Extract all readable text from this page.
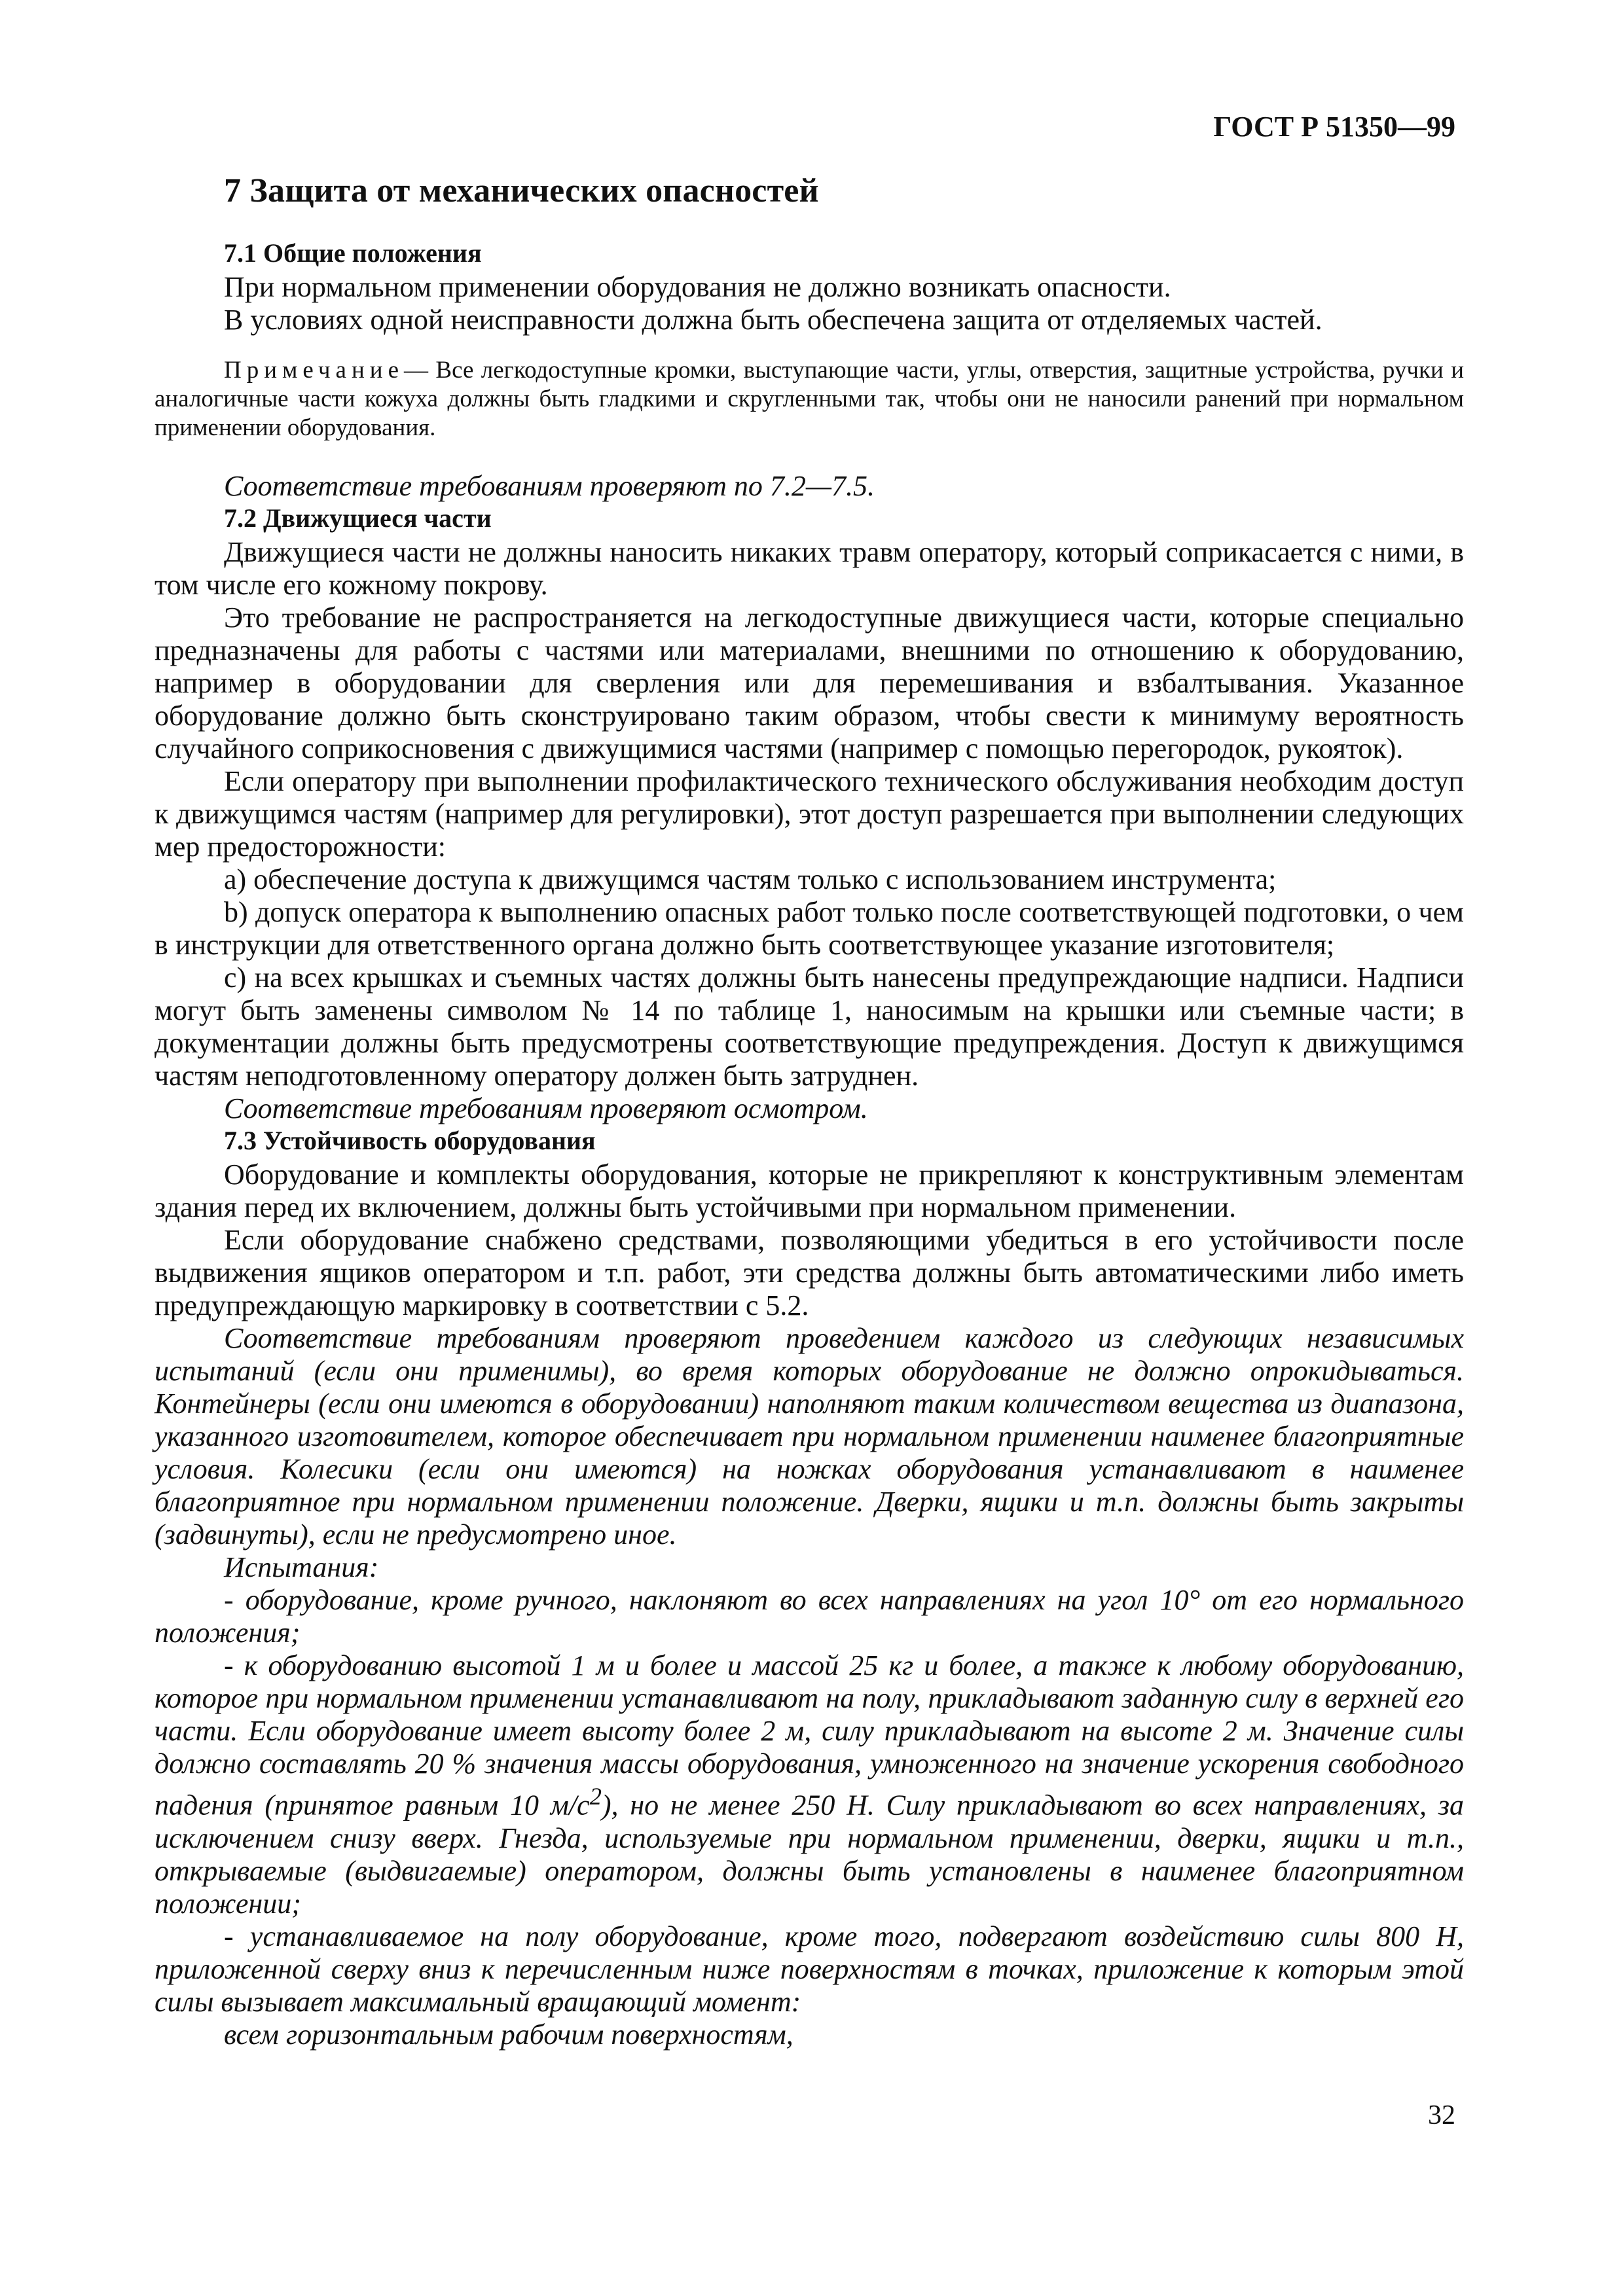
ГОСТ Р 51350—99
7 Защита от механических опасностей
7.1 Общие положения

При нормальном применении оборудования не должно возникать опасности.

В условиях одной неисправности должна быть обеспечена защита от отделяемых частей.

Примечание— Все легкодоступные кромки, выступающие части, углы, отверстия, защитные устройства, ручки и аналогичные части кожуха должны быть гладкими и скругленными так, чтобы они не наносили ранений при нормальном применении оборудования.

Соответствие требованиям проверяют по 7.2—7.5.

7.2 Движущиеся части

Движущиеся части не должны наносить никаких травм оператору, который соприкасается с ними, в том числе его кожному покрову.

Это требование не распространяется на легкодоступные движущиеся части, которые специально предназначены для работы с частями или материалами, внешними по отношению к оборудованию, например в оборудовании для сверления или для перемешивания и взбалтывания. Указанное оборудование должно быть сконструировано таким образом, чтобы свести к минимуму вероятность случайного соприкосновения с движущимися частями (например с помощью перегородок, рукояток).

Если оператору при выполнении профилактического технического обслуживания необходим доступ к движущимся частям (например для регулировки), этот доступ разрешается при выполнении следующих мер предосторожности:

a) обеспечение доступа к движущимся частям только с использованием инструмента;

b) допуск оператора к выполнению опасных работ только после соответствующей подготовки, о чем в инструкции для ответственного органа должно быть соответствующее указание изготовителя;

c) на всех крышках и съемных частях должны быть нанесены предупреждающие надписи. Надписи могут быть заменены символом № 14 по таблице 1, наносимым на крышки или съемные части; в документации должны быть предусмотрены соответствующие предупреждения. Доступ к движущимся частям неподготовленному оператору должен быть затруднен.

Соответствие требованиям проверяют осмотром.

7.3 Устойчивость оборудования

Оборудование и комплекты оборудования, которые не прикрепляют к конструктивным элементам здания перед их включением, должны быть устойчивыми при нормальном применении.

Если оборудование снабжено средствами, позволяющими убедиться в его устойчивости после выдвижения ящиков оператором и т.п. работ, эти средства должны быть автоматическими либо иметь предупреждающую маркировку в соответствии с 5.2.

Соответствие требованиям проверяют проведением каждого из следующих независимых испытаний (если они применимы), во время которых оборудование не должно опрокидываться. Контейнеры (если они имеются в оборудовании) наполняют таким количеством вещества из диапазона, указанного изготовителем, которое обеспечивает при нормальном применении наименее благоприятные условия. Колесики (если они имеются) на ножках оборудования устанавливают в наименее благоприятное при нормальном применении положение. Дверки, ящики и т.п. должны быть закрыты (задвинуты), если не предусмотрено иное.

Испытания:

- оборудование, кроме ручного, наклоняют во всех направлениях на угол 10° от его нормального положения;

- к оборудованию высотой 1 м и более и массой 25 кг и более, а также к любому оборудованию, которое при нормальном применении устанавливают на полу, прикладывают заданную силу в верхней его части. Если оборудование имеет высоту более 2 м, силу прикладывают на высоте 2 м. Значение силы должно составлять 20 % значения массы оборудования, умноженного на значение ускорения свободного падения (принятое равным 10 $м/с^2$), но не менее 250 Н. Силу прикладывают во всех направлениях, за исключением снизу вверх. Гнезда, используемые при нормальном применении, дверки, ящики и т.п., открываемые (выдвигаемые) оператором, должны быть установлены в наименее благоприятном положении;

- устанавливаемое на полу оборудование, кроме того, подвергают воздействию силы 800 Н, приложенной сверху вниз к перечисленным ниже поверхностям в точках, приложение к которым этой силы вызывает максимальный вращающий момент:

всем горизонтальным рабочим поверхностям,

32
